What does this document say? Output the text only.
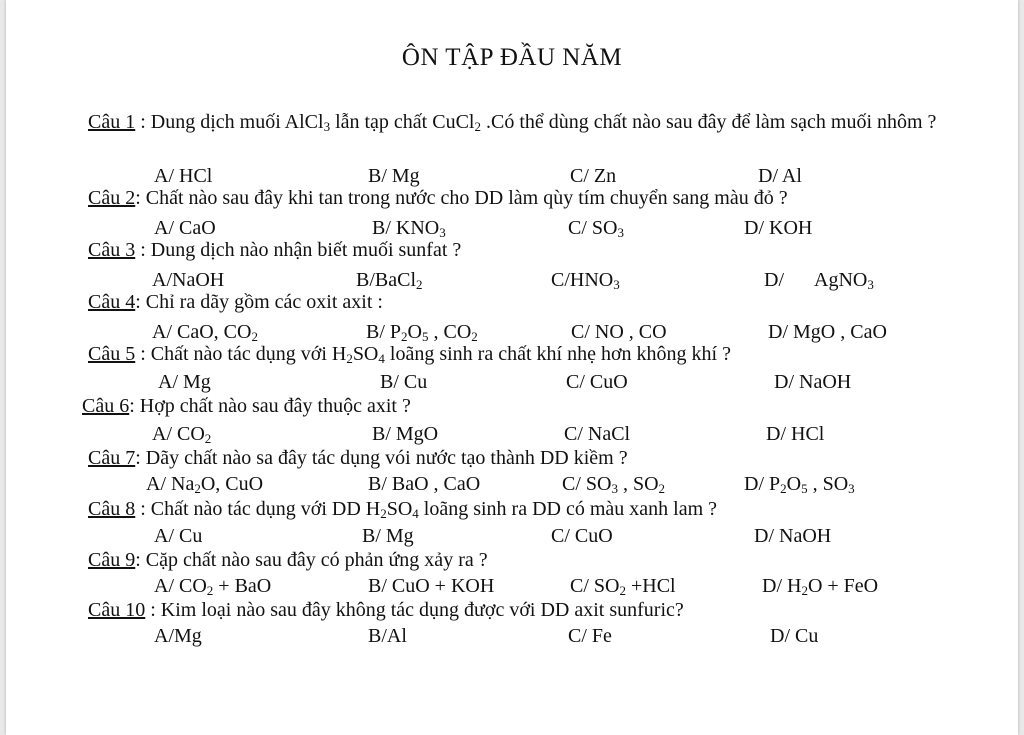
ÔN TẬP ĐẦU NĂM
Câu 1 : Dung dịch muối AlCl$_3$ lẫn tạp chất CuCl$_2$ .Có thể dùng chất nào sau đây để làm sạch muối nhôm ?
A/ HCl	B/ Mg	C/ Zn	D/ Al
Câu 2: Chất nào sau đây khi tan trong nước cho DD làm qùy tím chuyển sang màu đỏ ?
A/ CaO	B/ $KNO_3$	C/ $SO_3$	D/ KOH
Câu 3 : Dung dịch nào nhận biết muối sunfat ?
A/NaOH	B/BaCl$_2$	$C/HNO_3$	D/      AgNO$_3$
Câu 4: Chỉ ra dãy gồm các oxit axit :
A/ CaO, $CO_2$	B/ $P_2O_5$ , $CO_2$	C/ NO , CO	D/ MgO , CaO
Câu 5 : Chất nào tác dụng với $H_2SO_4$ loãng sinh ra chất khí nhẹ hơn không khí ?
A/ Mg	B/ Cu	C/ CuO	D/ NaOH
Câu 6: Hợp chất nào sau đây thuộc axit ?
A/ $CO_2$	B/ MgO	C/ NaCl	D/ HCl
Câu 7: Dãy chất nào sa đây tác dụng vói nước tạo thành DD kiềm ?
A/ $Na_2O$, CuO	B/ BaO , CaO	C/ $SO_3$ , $SO_2$	D/ $P_2O_5$ , $SO_3$
Câu 8 : Chất nào tác dụng với DD $H_2SO_4$ loãng sinh ra DD có màu xanh lam ?
A/ Cu	B/ Mg	C/ CuO	D/ NaOH
Câu 9: Cặp chất nào sau đây có phản ứng xảy ra ?
A/ $CO_2$ + BaO	B/ CuO + KOH	C/ $SO_2 +HCl$	D/ $H_2O$ + FeO
Câu 10 : Kim loại nào sau đây không tác dụng được với DD axit sunfuric?
A/Mg	B/Al	C/ Fe	D/ Cu
